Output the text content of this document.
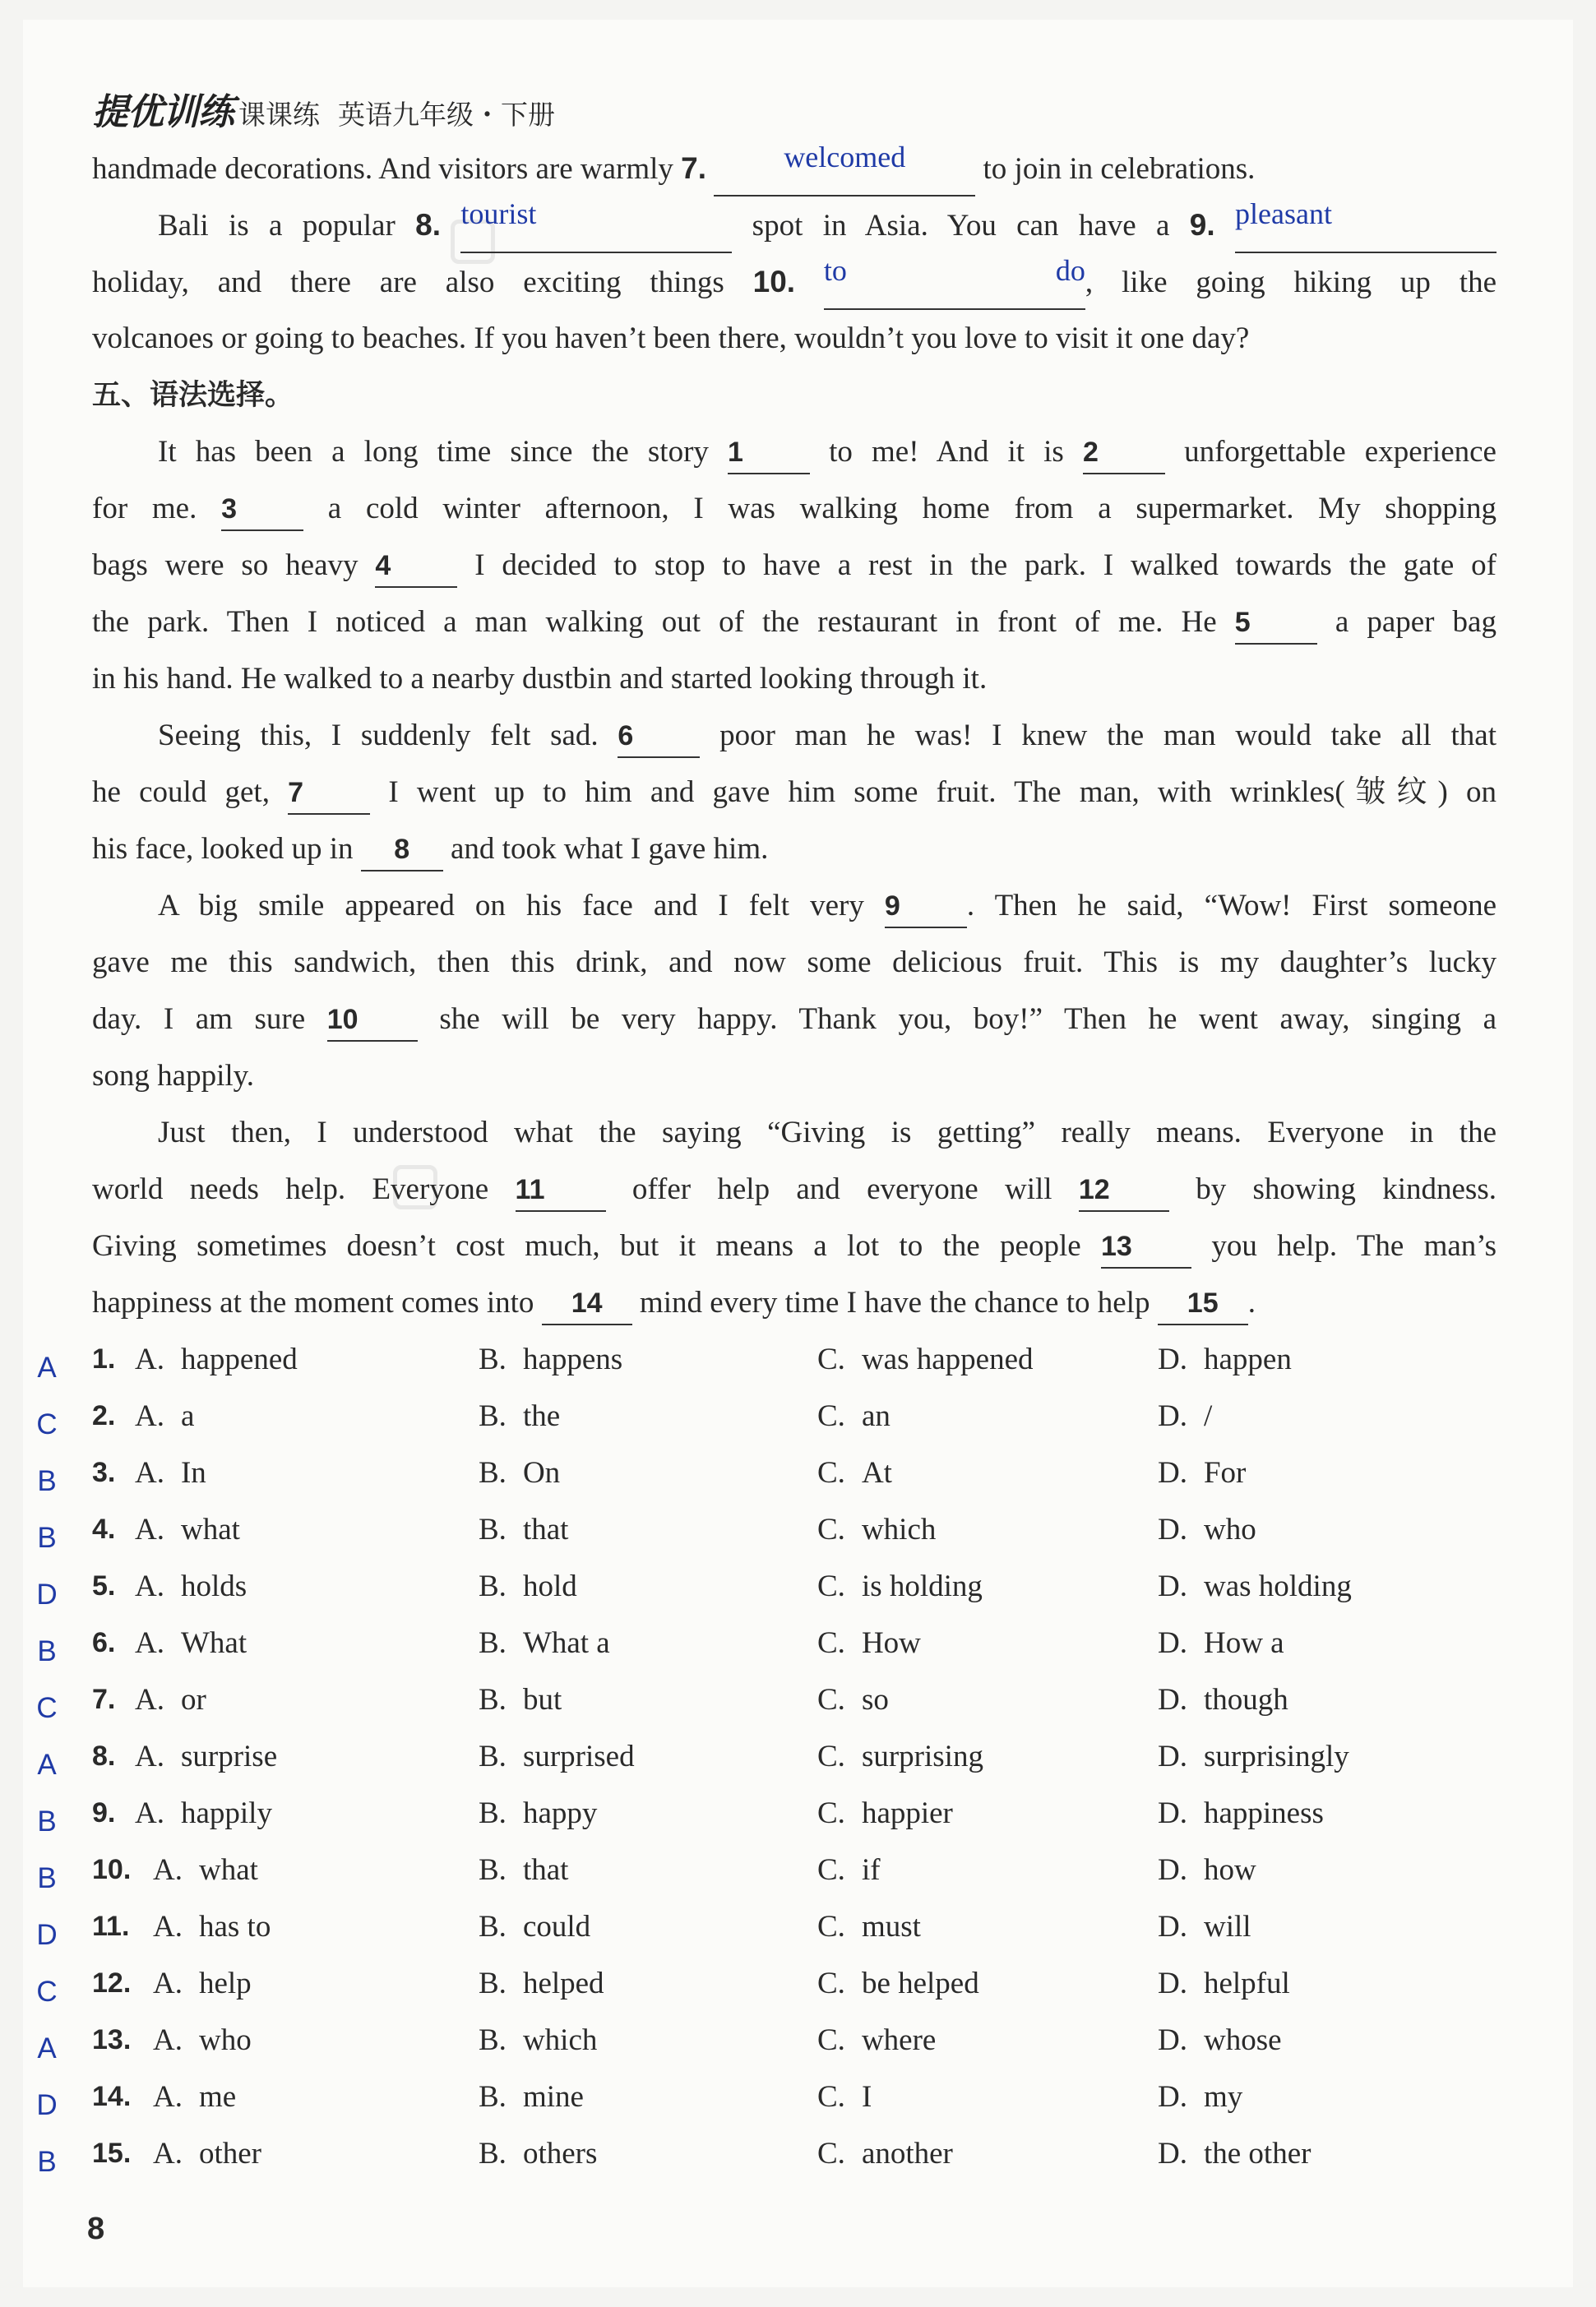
提优训练 课课练 英语九年级・下册
handmade decorations. And visitors are warmly 7.	welcomed to join in celebrations.
Bali is a popular 8. tourist	spot in Asia. You can have a 9. pleasant
holiday, and there are also exciting things 10. to do, like going hiking up the
volcanoes or going to beaches. If you haven’t been there, wouldn’t you love to visit it one day?
五、语法选择。
It has been a long time since the story 1 to me! And it is 2 unforgettable experience
for me. 3 a cold winter afternoon, I was walking home from a supermarket. My shopping
bags were so heavy 4 I decided to stop to have a rest in the park. I walked towards the gate of
the park. Then I noticed a man walking out of the restaurant in front of me. He 5 a paper bag
in his hand. He walked to a nearby dustbin and started looking through it.
Seeing this, I suddenly felt sad. 6 poor man he was! I knew the man would take all that
he could get, 7 I went up to him and gave him some fruit. The man, with wrinkles(皱纹) on
his face, looked up in 8 and took what I gave him.
A big smile appeared on his face and I felt very 9 . Then he said, “Wow! First someone
gave me this sandwich, then this drink, and now some delicious fruit. This is my daughter’s lucky
day. I am sure 10 she will be very happy. Thank you, boy!” Then he went away, singing a
song happily.
Just then, I understood what the saying “Giving is getting” really means. Everyone in the
world needs help. Everyone 11 offer help and everyone will 12 by showing kindness.
Giving sometimes doesn’t cost much, but it means a lot to the people 13 you help. The man’s
happiness at the moment comes into 14 mind every time I have the chance to help 15 .
A 1. A. happened	B. happens	C. was happened	D. happen
C 2. A. a	B. the	C. an	D. /
B 3. A. In	B. On	C. At	D. For
B 4. A. what	B. that	C. which	D. who
D 5. A. holds	B. hold	C. is holding	D. was holding
B 6. A. What	B. What a	C. How	D. How a
C 7. A. or	B. but	C. so	D. though
A 8. A. surprise	B. surprised	C. surprising	D. surprisingly
B 9. A. happily	B. happy	C. happier	D. happiness
B 10. A. what	B. that	C. if	D. how
D 11. A. has to	B. could	C. must	D. will
C 12. A. help	B. helped	C. be helped	D. helpful
A 13. A. who	B. which	C. where	D. whose
D 14. A. me	B. mine	C. I	D. my
B 15. A. other	B. others	C. another	D. the other
8
